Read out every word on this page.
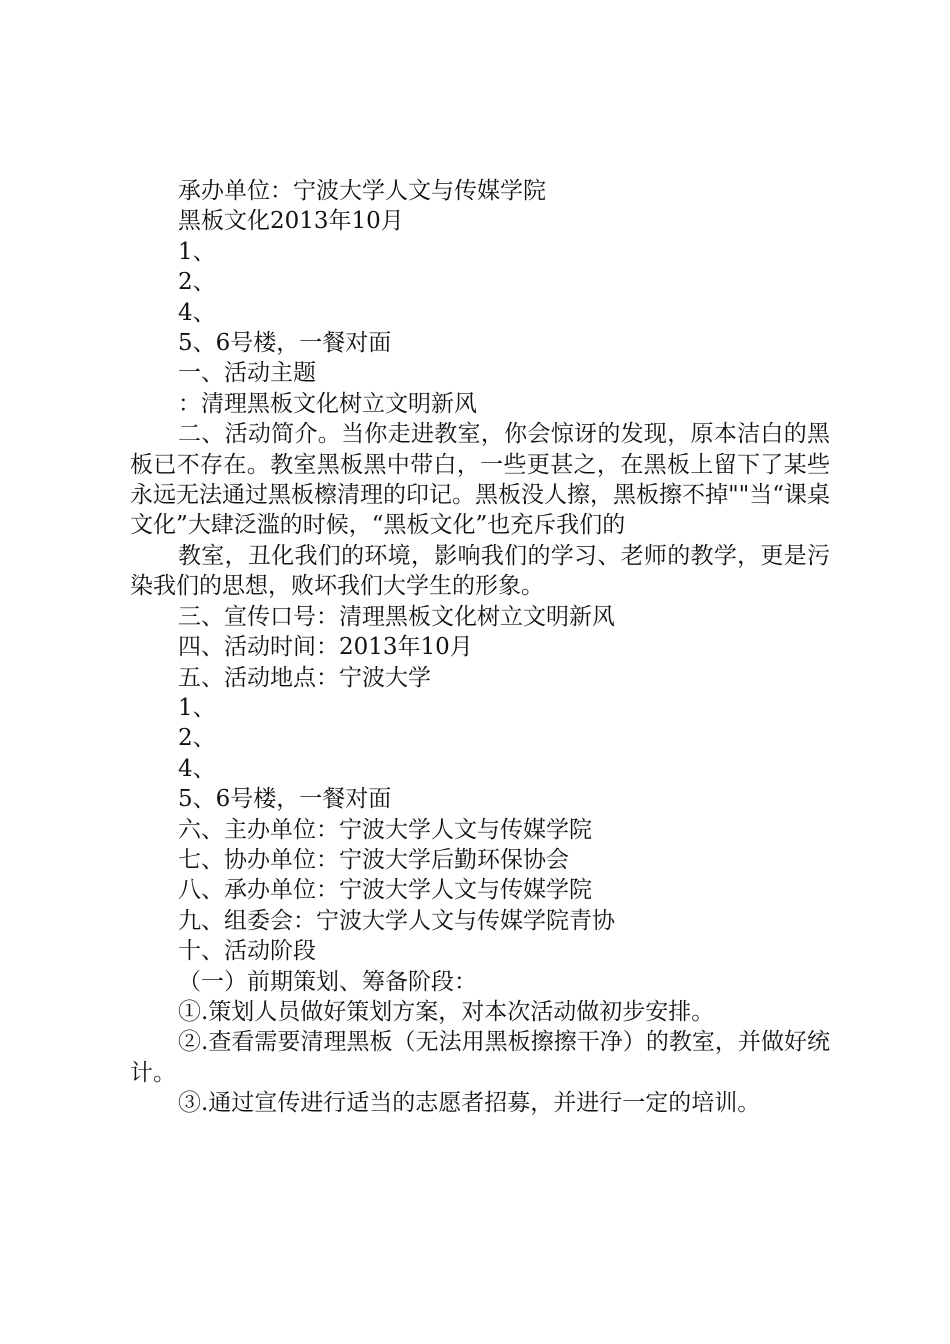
承办单位：宁波大学人文与传媒学院

黑板文化2013年10月

1、

2、

4、

5、6号楼，一餐对面

一、活动主题

：清理黑板文化树立文明新风

二、活动简介。当你走进教室，你会惊讶的发现，原本洁白的黑板已不存在。教室黑板黑中带白，一些更甚之，在黑板上留下了某些永远无法通过黑板檫清理的印记。黑板没人擦，黑板擦不掉""当“课桌文化”大肆泛滥的时候，“黑板文化”也充斥我们的

教室，丑化我们的环境，影响我们的学习、老师的教学，更是污染我们的思想，败坏我们大学生的形象。

三、宣传口号：清理黑板文化树立文明新风

四、活动时间：2013年10月

五、活动地点：宁波大学

1、

2、

4、

5、6号楼，一餐对面

六、主办单位：宁波大学人文与传媒学院

七、协办单位：宁波大学后勤环保协会

八、承办单位：宁波大学人文与传媒学院

九、组委会：宁波大学人文与传媒学院青协

十、活动阶段

（一）前期策划、筹备阶段：

①.策划人员做好策划方案，对本次活动做初步安排。

②.查看需要清理黑板（无法用黑板擦擦干净）的教室，并做好统计。

③.通过宣传进行适当的志愿者招募，并进行一定的培训。
